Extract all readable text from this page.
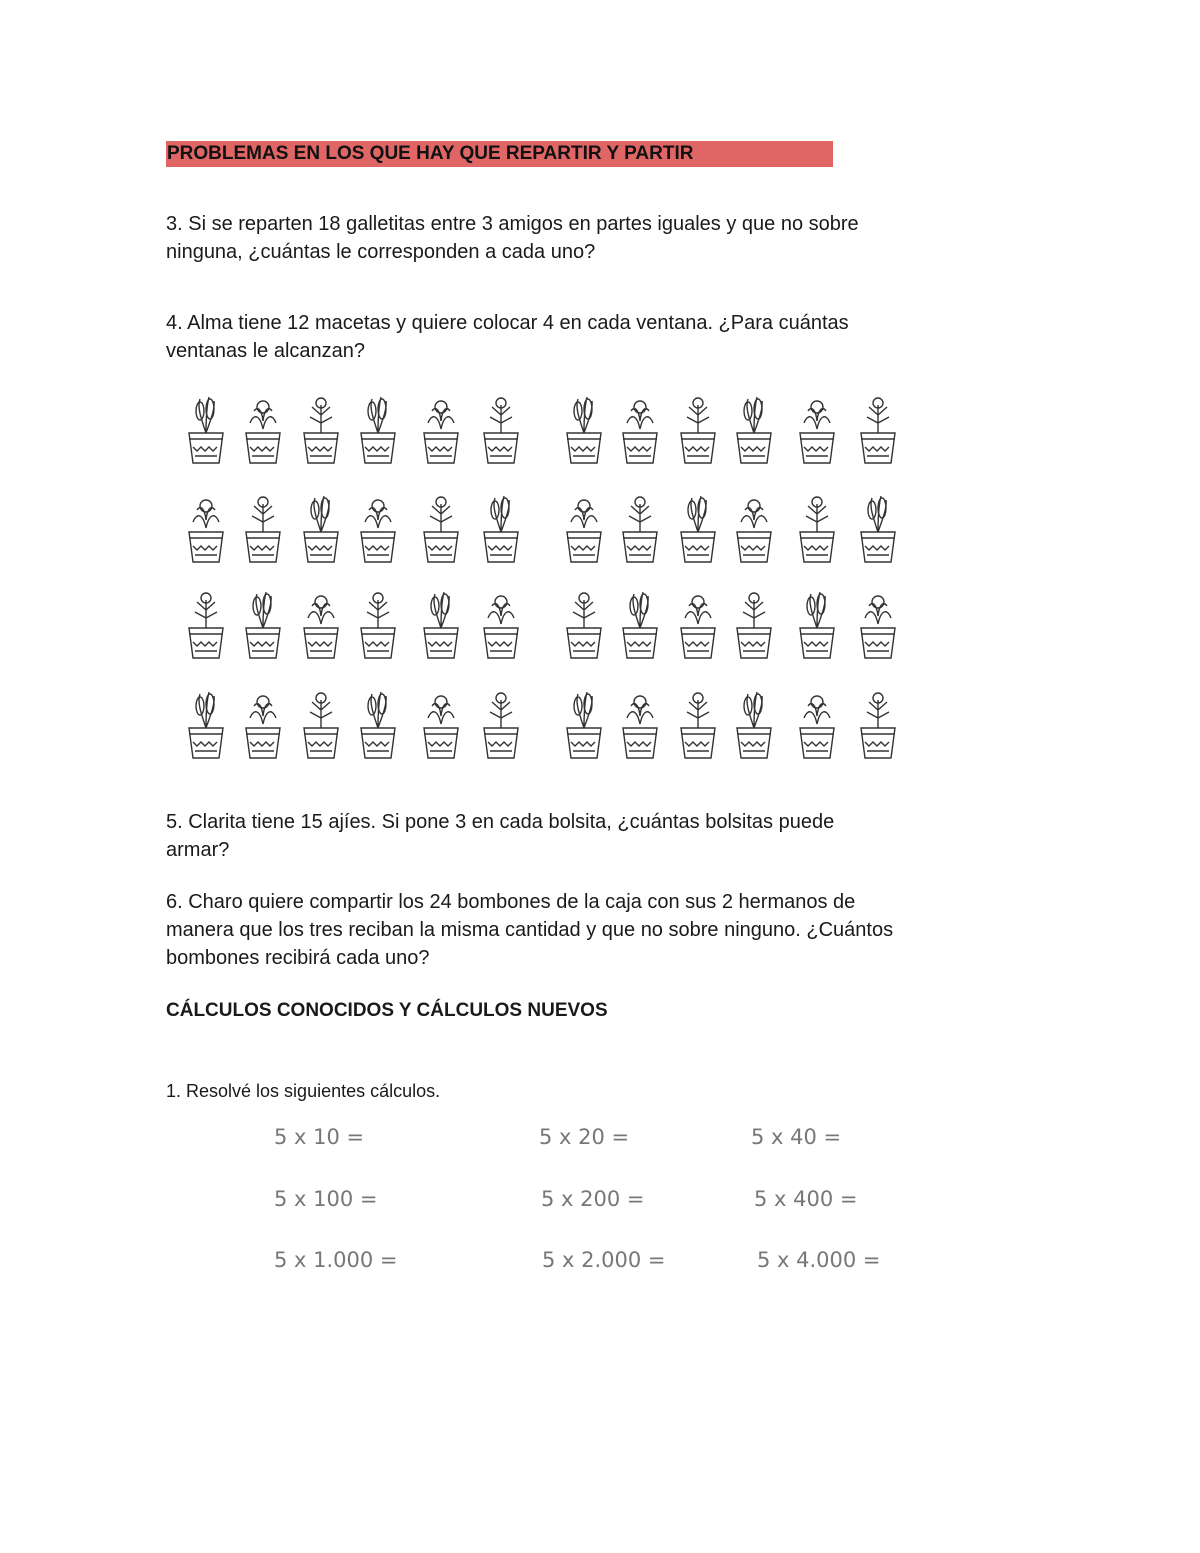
PROBLEMAS EN LOS QUE HAY QUE REPARTIR Y PARTIR
3. Si se reparten 18 galletitas entre 3 amigos en partes iguales y que no sobre
ninguna, ¿cuántas le corresponden a cada uno?
4. Alma tiene 12 macetas y quiere colocar 4 en cada ventana. ¿Para cuántas
ventanas le alcanzan?
5. Clarita tiene 15 ajíes. Si pone 3 en cada bolsita, ¿cuántas bolsitas puede
armar?
6. Charo quiere compartir los 24 bombones de la caja con sus 2 hermanos de
manera que los tres reciban la misma cantidad y que no sobre ninguno. ¿Cuántos
bombones recibirá cada uno?
CÁLCULOS CONOCIDOS Y CÁLCULOS NUEVOS
1. Resolvé los siguientes cálculos.
5 x 10 =	5 x 20 =	5 x 40 =
5 x 100 =	5 x 200 =	5 x 400 =
5 x 1.000 =	5 x 2.000 =	5 x 4.000 =
